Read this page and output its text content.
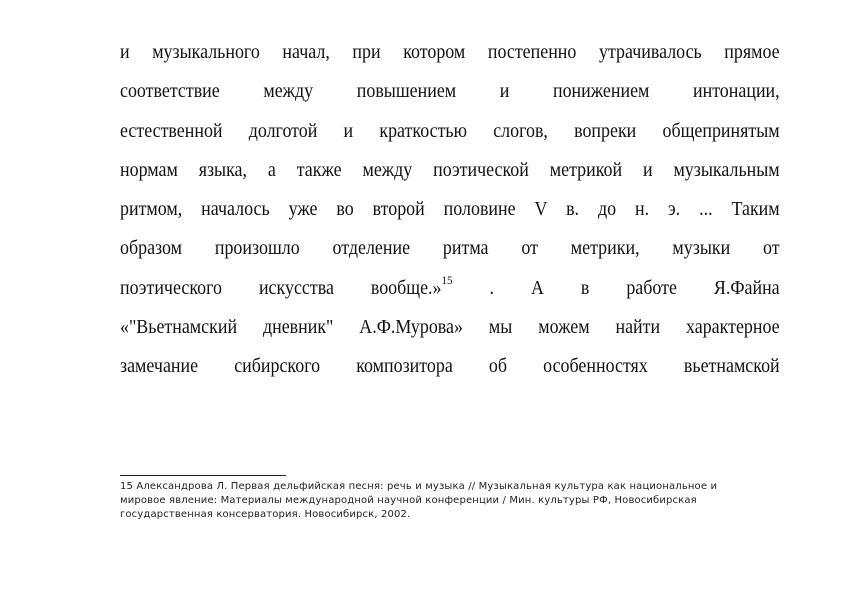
и музыкального начал, при котором постепенно утрачивалось прямое
соответствие между повышением и понижением интонации,
естественной долготой и краткостью слогов, вопреки общепринятым
нормам языка, а также между поэтической метрикой и музыкальным
ритмом, началось уже во второй половине V в. до н. э. ... Таким
образом произошло отделение ритма от метрики, музыки от
поэтического искусства вообще.»$^{15}$ . А в работе Я.Файна
«"Вьетнамский дневник" А.Ф.Мурова» мы можем найти характерное
замечание сибирского композитора об особенностях вьетнамской
15 Александрова Л. Первая дельфийская песня: речь и музыка // Музыкальная культура как национальное и
мировое явление: Материалы международной научной конференции / Мин. культуры РФ, Новосибирская
государственная консерватория. Новосибирск, 2002.
